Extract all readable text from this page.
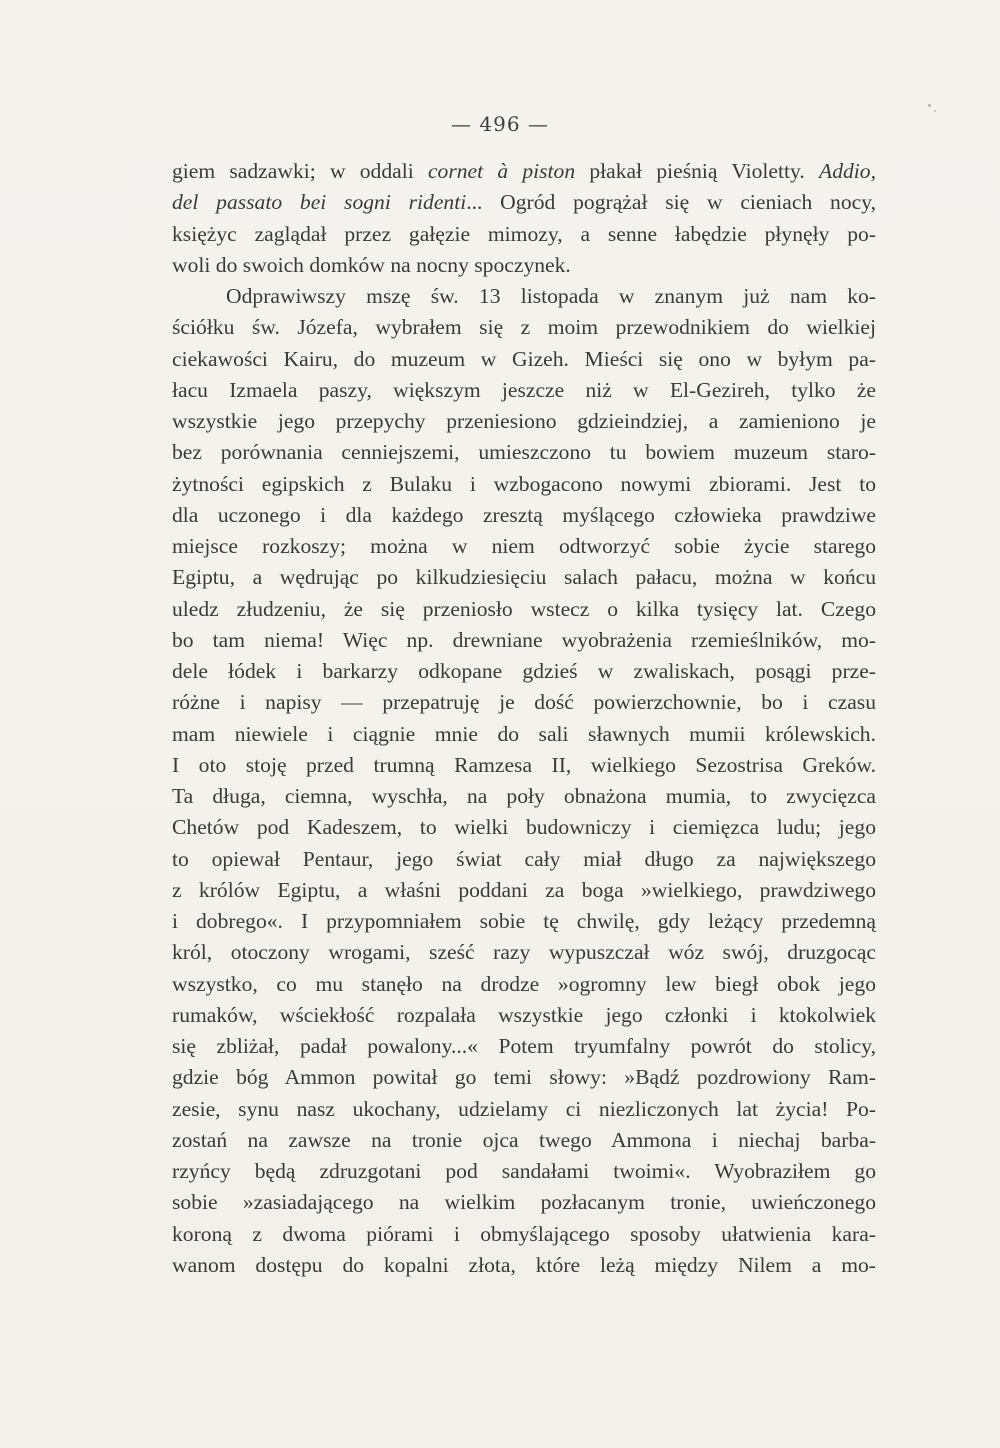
— 496 —
giem sadzawki; w oddali cornet à piston płakał pieśnią Violetty. Addio,
del passato bei sogni ridenti... Ogród pogrążał się w cieniach nocy,
księżyc zaglądał przez gałęzie mimozy, a senne łabędzie płynęły po-
woli do swoich domków na nocny spoczynek.
Odprawiwszy mszę św. 13 listopada w znanym już nam ko-
ściółku św. Józefa, wybrałem się z moim przewodnikiem do wielkiej
ciekawości Kairu, do muzeum w Gizeh. Mieści się ono w byłym pa-
łacu Izmaela paszy, większym jeszcze niż w El-Gezireh, tylko że
wszystkie jego przepychy przeniesiono gdzieindziej, a zamieniono je
bez porównania cenniejszemi, umieszczono tu bowiem muzeum staro-
żytności egipskich z Bulaku i wzbogacono nowymi zbiorami. Jest to
dla uczonego i dla każdego zresztą myślącego człowieka prawdziwe
miejsce rozkoszy; można w niem odtworzyć sobie życie starego
Egiptu, a wędrując po kilkudziesięciu salach pałacu, można w końcu
uledz złudzeniu, że się przeniosło wstecz o kilka tysięcy lat. Czego
bo tam niema! Więc np. drewniane wyobrażenia rzemieślników, mo-
dele łódek i barkarzy odkopane gdzieś w zwaliskach, posągi prze-
różne i napisy — przepatruję je dość powierzchownie, bo i czasu
mam niewiele i ciągnie mnie do sali sławnych mumii królewskich.
I oto stoję przed trumną Ramzesa II, wielkiego Sezostrisa Greków.
Ta długa, ciemna, wyschła, na poły obnażona mumia, to zwycięzca
Chetów pod Kadeszem, to wielki budowniczy i ciemięzca ludu; jego
to opiewał Pentaur, jego świat cały miał długo za największego
z królów Egiptu, a właśni poddani za boga »wielkiego, prawdziwego
i dobrego«. I przypomniałem sobie tę chwilę, gdy leżący przedemną
król, otoczony wrogami, sześć razy wypuszczał wóz swój, druzgocąc
wszystko, co mu stanęło na drodze »ogromny lew biegł obok jego
rumaków, wściekłość rozpalała wszystkie jego członki i ktokolwiek
się zbliżał, padał powalony...« Potem tryumfalny powrót do stolicy,
gdzie bóg Ammon powitał go temi słowy: »Bądź pozdrowiony Ram-
zesie, synu nasz ukochany, udzielamy ci niezliczonych lat życia! Po-
zostań na zawsze na tronie ojca twego Ammona i niechaj barba-
rzyńcy będą zdruzgotani pod sandałami twoimi«. Wyobraziłem go
sobie »zasiadającego na wielkim pozłacanym tronie, uwieńczonego
koroną z dwoma piórami i obmyślającego sposoby ułatwienia kara-
wanom dostępu do kopalni złota, które leżą między Nilem a mo-
